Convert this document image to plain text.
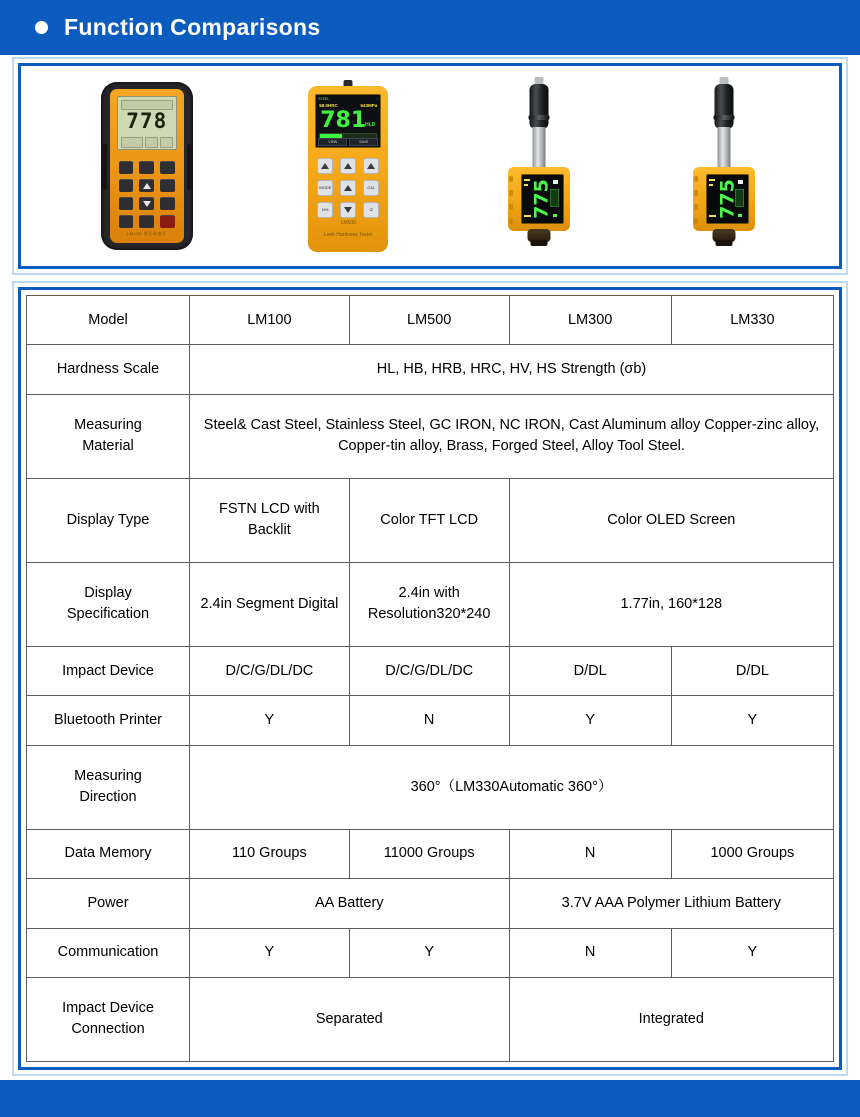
Function Comparisons
778
LM100 里氏硬度计
STEEL	↑
58.0HRC	643MPa
781
HLD
VIEW	SAVE
MODE	CAL
N%	⏻
LM500
Leeb Hardness Tester
775	775
Model	LM100	LM500	LM300	LM330
Hardness Scale	HL, HB, HRB, HRC, HV, HS Strength (σb)			

Measuring
Material	Steel& Cast Steel, Stainless Steel, GC IRON, NC IRON, Cast Aluminum alloy Copper-zinc alloy, Copper-tin alloy, Brass, Forged Steel, Alloy Tool Steel.			
Display Type	FSTN LCD with Backlit	Color TFT LCD	Color OLED Screen	

Display
Specification	2.4in Segment Digital	2.4in with Resolution320*240	1.77in, 160*128	
Impact Device	D/C/G/DL/DC	D/C/G/DL/DC	D/DL	D/DL
Bluetooth Printer	Y	N	Y	Y

Measuring
Direction	360°（LM330Automatic 360°）			
Data Memory	110 Groups	11000 Groups	N	1000 Groups
Power	AA Battery		3.7V AAA Polymer Lithium Battery	
Communication	Y	Y	N	Y

Impact Device
Connection	Separated		Integrated	
